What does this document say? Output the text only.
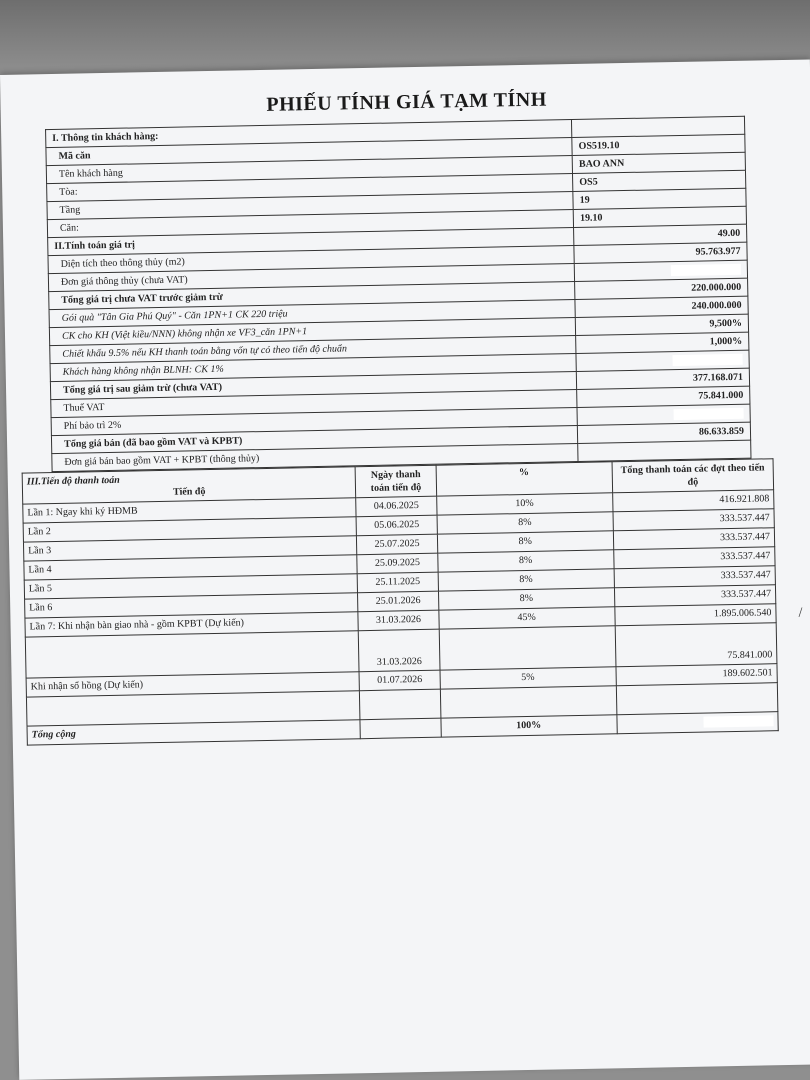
PHIẾU TÍNH GIÁ TẠM TÍNH
I. Thông tin khách hàng:	
Mã căn	OS519.10
Tên khách hàng	BAO ANN
Tòa:	OS5
Tầng	19
Căn:	19.10
II.Tính toán giá trị	49.00
Diện tích theo thông thủy (m2)	95.763.977
Đơn giá thông thủy (chưa VAT)	
Tổng giá trị chưa VAT trước giảm trừ	220.000.000
Gói quà "Tân Gia Phú Quý" - Căn 1PN+1 CK 220 triệu	240.000.000
CK cho KH (Việt kiều/NNN) không nhận xe VF3_căn 1PN+1	9,500%
Chiết khấu 9.5% nếu KH thanh toán bằng vốn tự có theo tiến độ chuẩn	1,000%
Khách hàng không nhận BLNH: CK 1%	
Tổng giá trị sau giảm trừ (chưa VAT)	377.168.071
Thuế VAT	75.841.000
Phí bảo trì 2%	
Tổng giá bán (đã bao gồm VAT và KPBT)	86.633.859
Đơn giá bán bao gồm VAT + KPBT (thông thủy)	
III.Tiến độ thanh toán
Tiến độ	Ngày thanh toán tiến độ	%	Tổng thanh toán các đợt theo tiến độ
Lần 1: Ngay khi ký HĐMB	04.06.2025	10%	416.921.808
Lần 2	05.06.2025	8%	333.537.447
Lần 3	25.07.2025	8%	333.537.447
Lần 4	25.09.2025	8%	333.537.447
Lần 5	25.11.2025	8%	333.537.447
Lần 6	25.01.2026	8%	333.537.447
Lần 7: Khi nhận bàn giao nhà - gồm KPBT (Dự kiến)	31.03.2026	45%	1.895.006.540
	31.03.2026		75.841.000
Khi nhận sổ hồng (Dự kiến)	01.07.2026	5%	189.602.501

Tổng cộng		100%	
/
